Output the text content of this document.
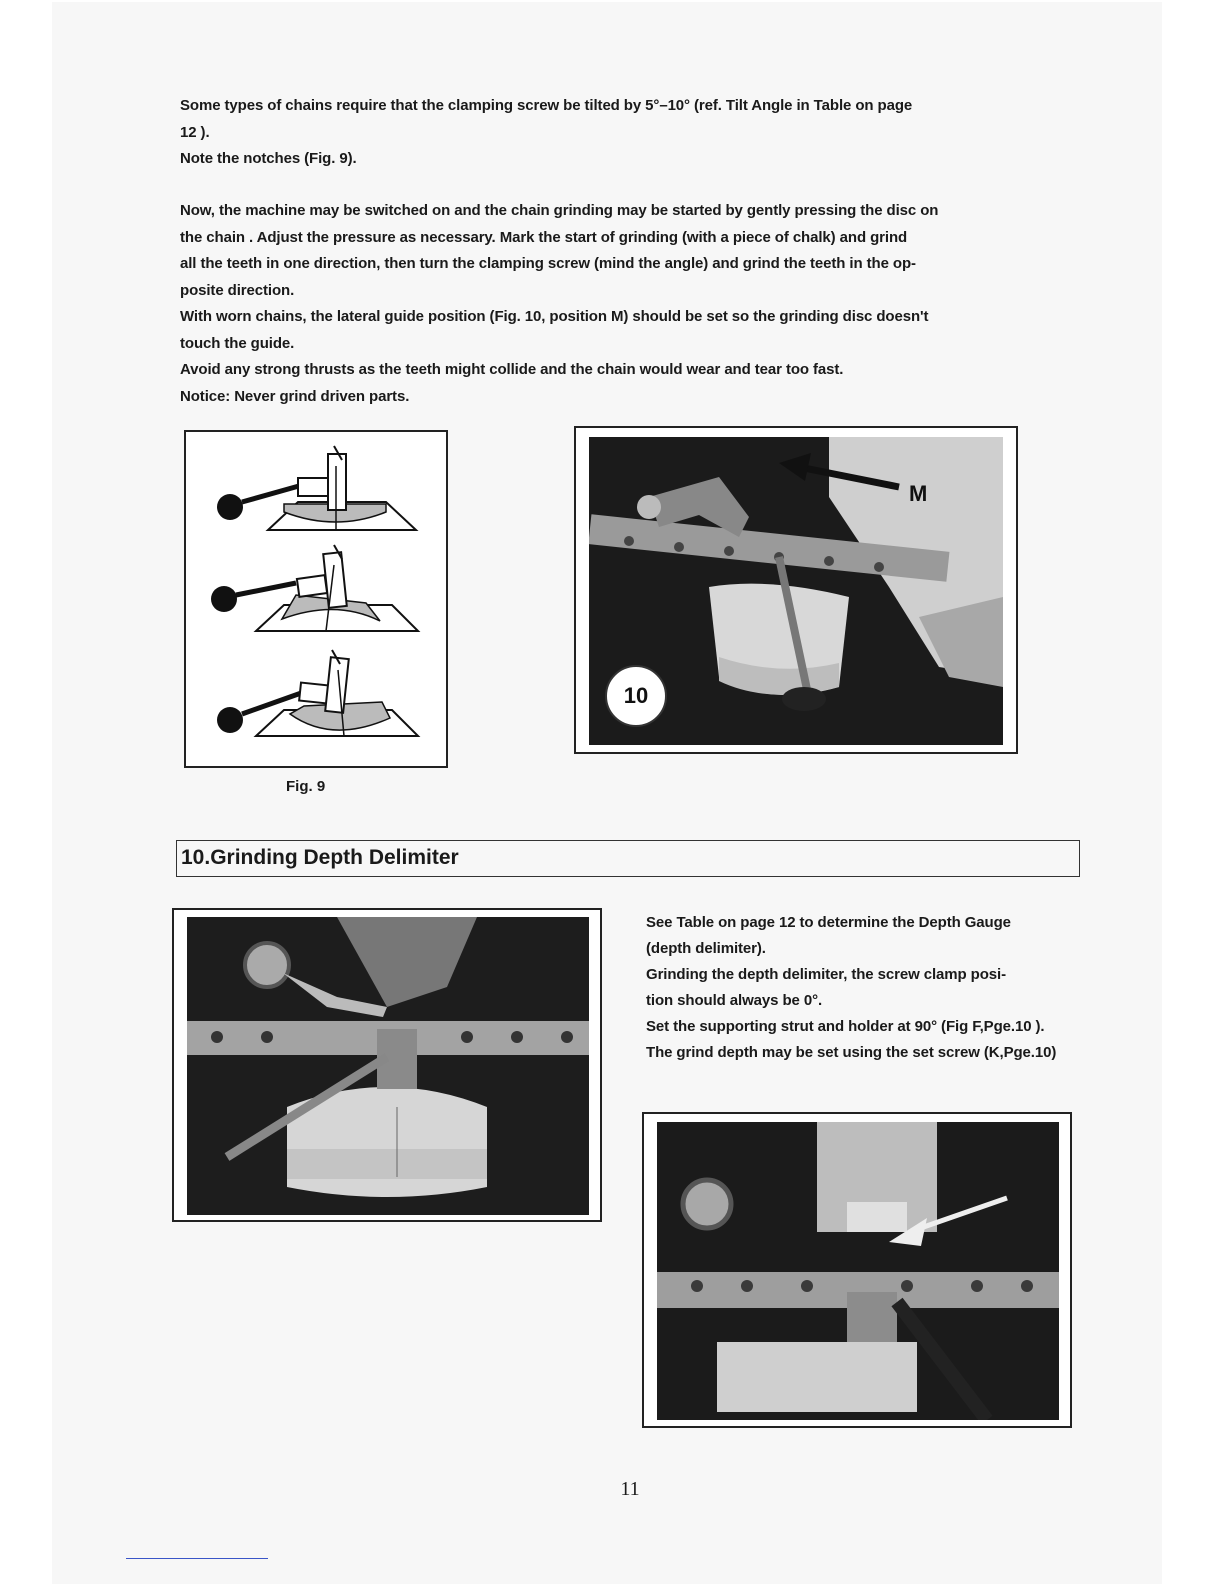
Some types of chains require that the clamping screw be tilted by 5°–10° (ref. Tilt Angle in Table on page
12 ).
Note the notches (Fig. 9).
Now, the machine may be switched on and the chain grinding may be started by gently pressing the disc on
the chain . Adjust the pressure as necessary. Mark the start of grinding (with a piece of chalk) and grind
all the teeth in one direction, then turn the clamping screw (mind the angle) and grind the teeth in the op-
posite direction.
With worn chains, the lateral guide position (Fig. 10, position M) should be set so the grinding disc doesn't
touch the guide.
Avoid any strong thrusts as the teeth might collide and the chain would wear and tear too fast.
Notice: Never grind driven parts.
Fig. 9
M
10
10.Grinding Depth Delimiter
See Table on page 12 to determine the Depth Gauge
(depth delimiter).
Grinding the depth delimiter, the screw clamp posi-
tion should always be 0°.
Set the supporting strut and holder at 90° (Fig F,Pge.10 ).
The grind depth may be set using the set screw (K,Pge.10)
11
